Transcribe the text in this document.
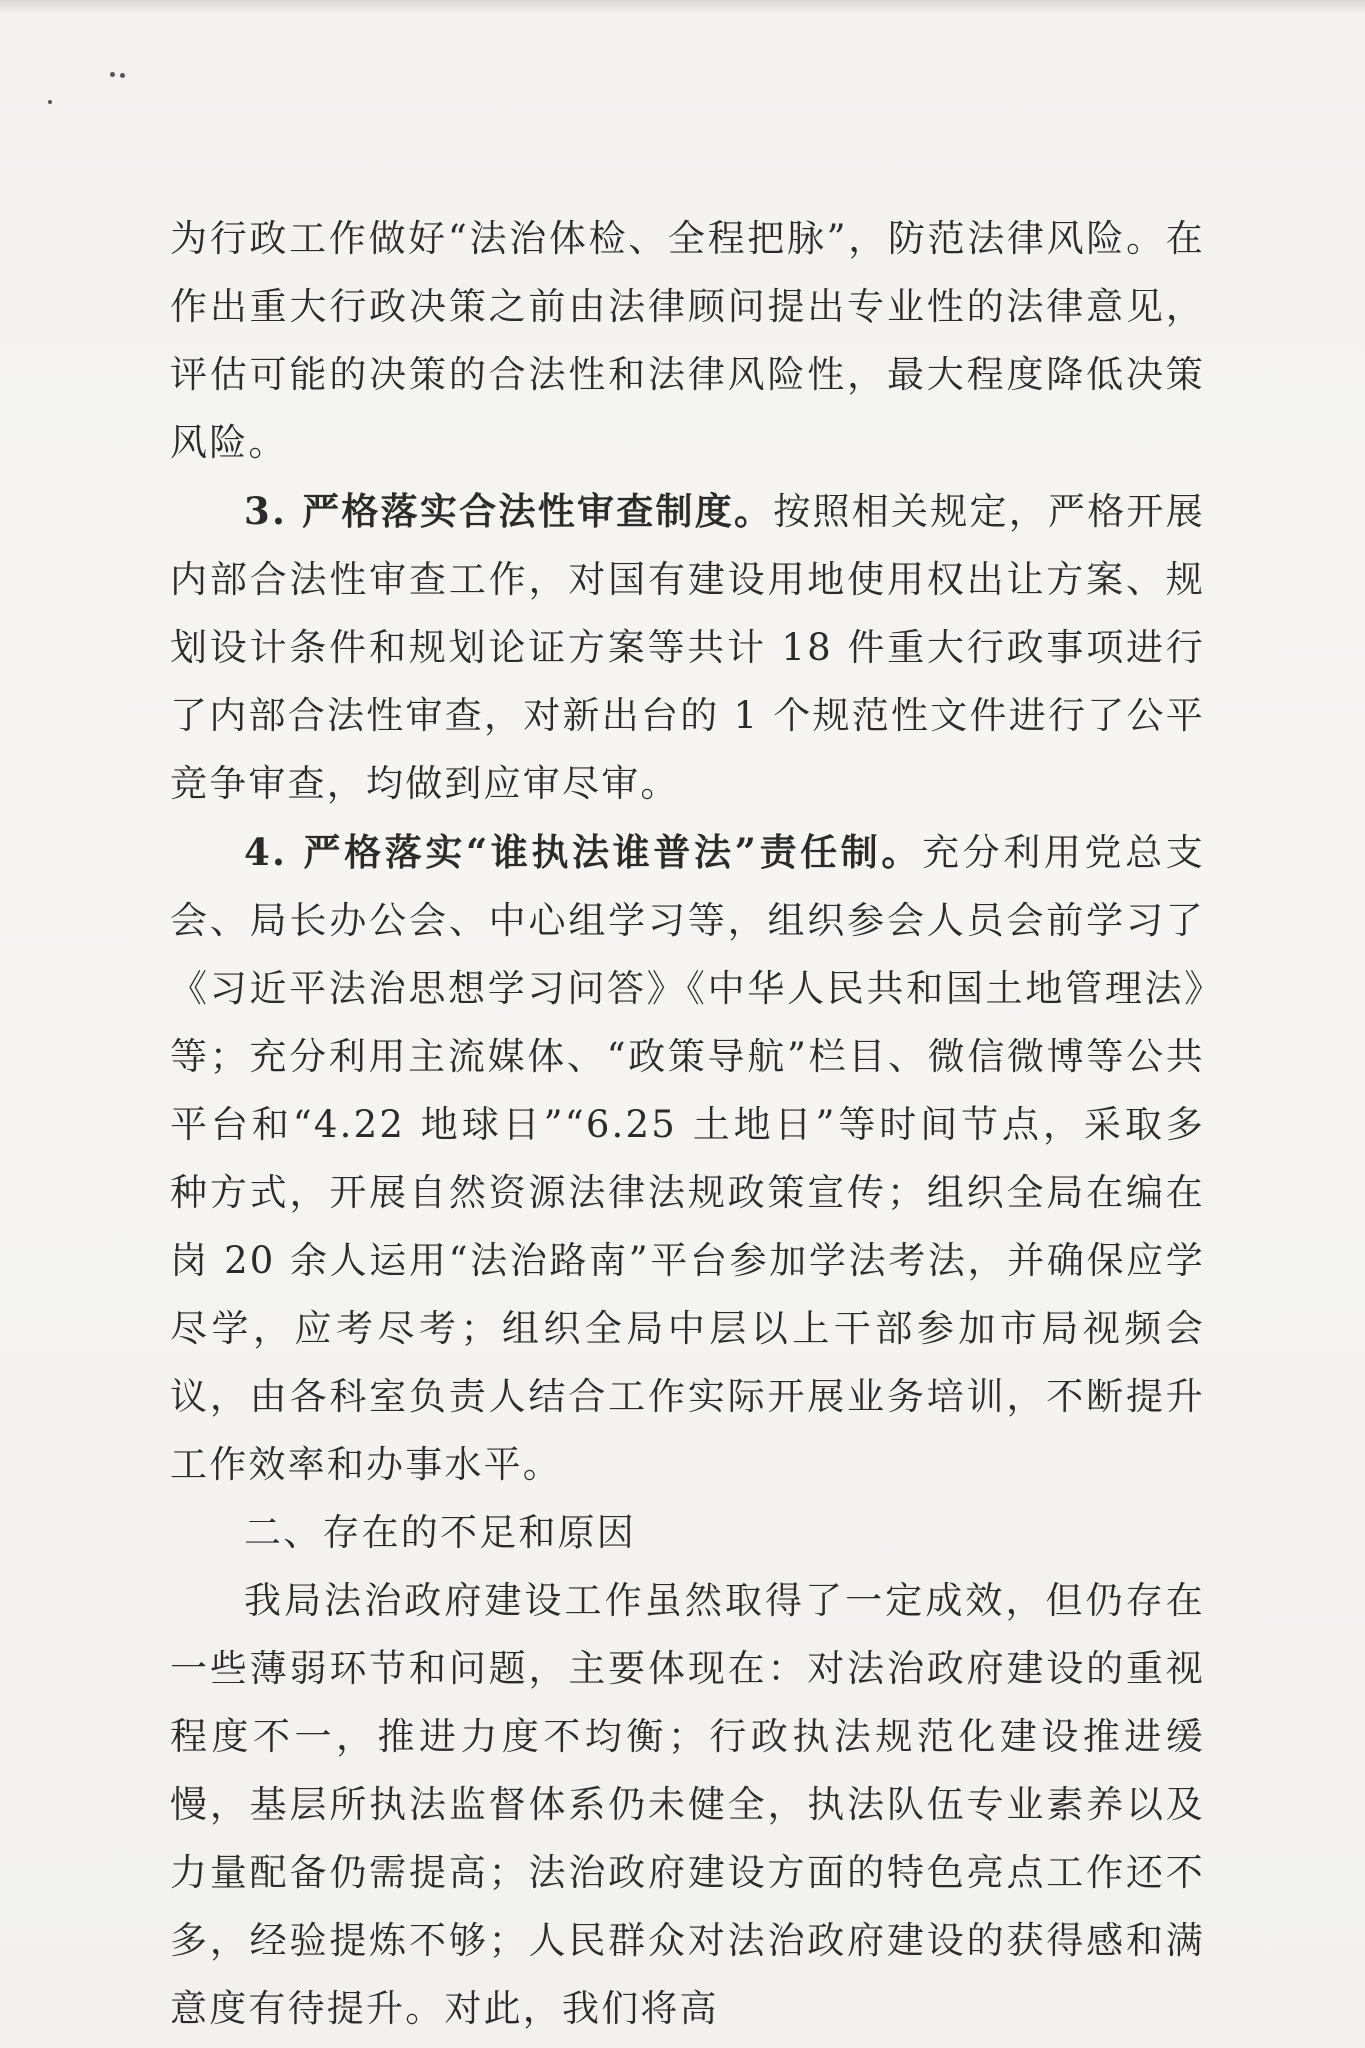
为行政工作做好“法治体检、全程把脉”，防范法律风险。在作出重大行政决策之前由法律顾问提出专业性的法律意见，评估可能的决策的合法性和法律风险性，最大程度降低决策风险。

3. 严格落实合法性审查制度。按照相关规定，严格开展内部合法性审查工作，对国有建设用地使用权出让方案、规划设计条件和规划论证方案等共计 18 件重大行政事项进行了内部合法性审查，对新出台的 1 个规范性文件进行了公平竞争审查，均做到应审尽审。

4. 严格落实“谁执法谁普法”责任制。充分利用党总支会、局长办公会、中心组学习等，组织参会人员会前学习了《习近平法治思想学习问答》《中华人民共和国土地管理法》等；充分利用主流媒体、“政策导航”栏目、微信微博等公共平台和“4.22 地球日”“6.25 土地日”等时间节点，采取多种方式，开展自然资源法律法规政策宣传；组织全局在编在岗 20 余人运用“法治路南”平台参加学法考法，并确保应学尽学，应考尽考；组织全局中层以上干部参加市局视频会议，由各科室负责人结合工作实际开展业务培训，不断提升工作效率和办事水平。

二、存在的不足和原因

我局法治政府建设工作虽然取得了一定成效，但仍存在一些薄弱环节和问题，主要体现在：对法治政府建设的重视程度不一，推进力度不均衡；行政执法规范化建设推进缓慢，基层所执法监督体系仍未健全，执法队伍专业素养以及力量配备仍需提高；法治政府建设方面的特色亮点工作还不多，经验提炼不够；人民群众对法治政府建设的获得感和满意度有待提升。对此，我们将高
